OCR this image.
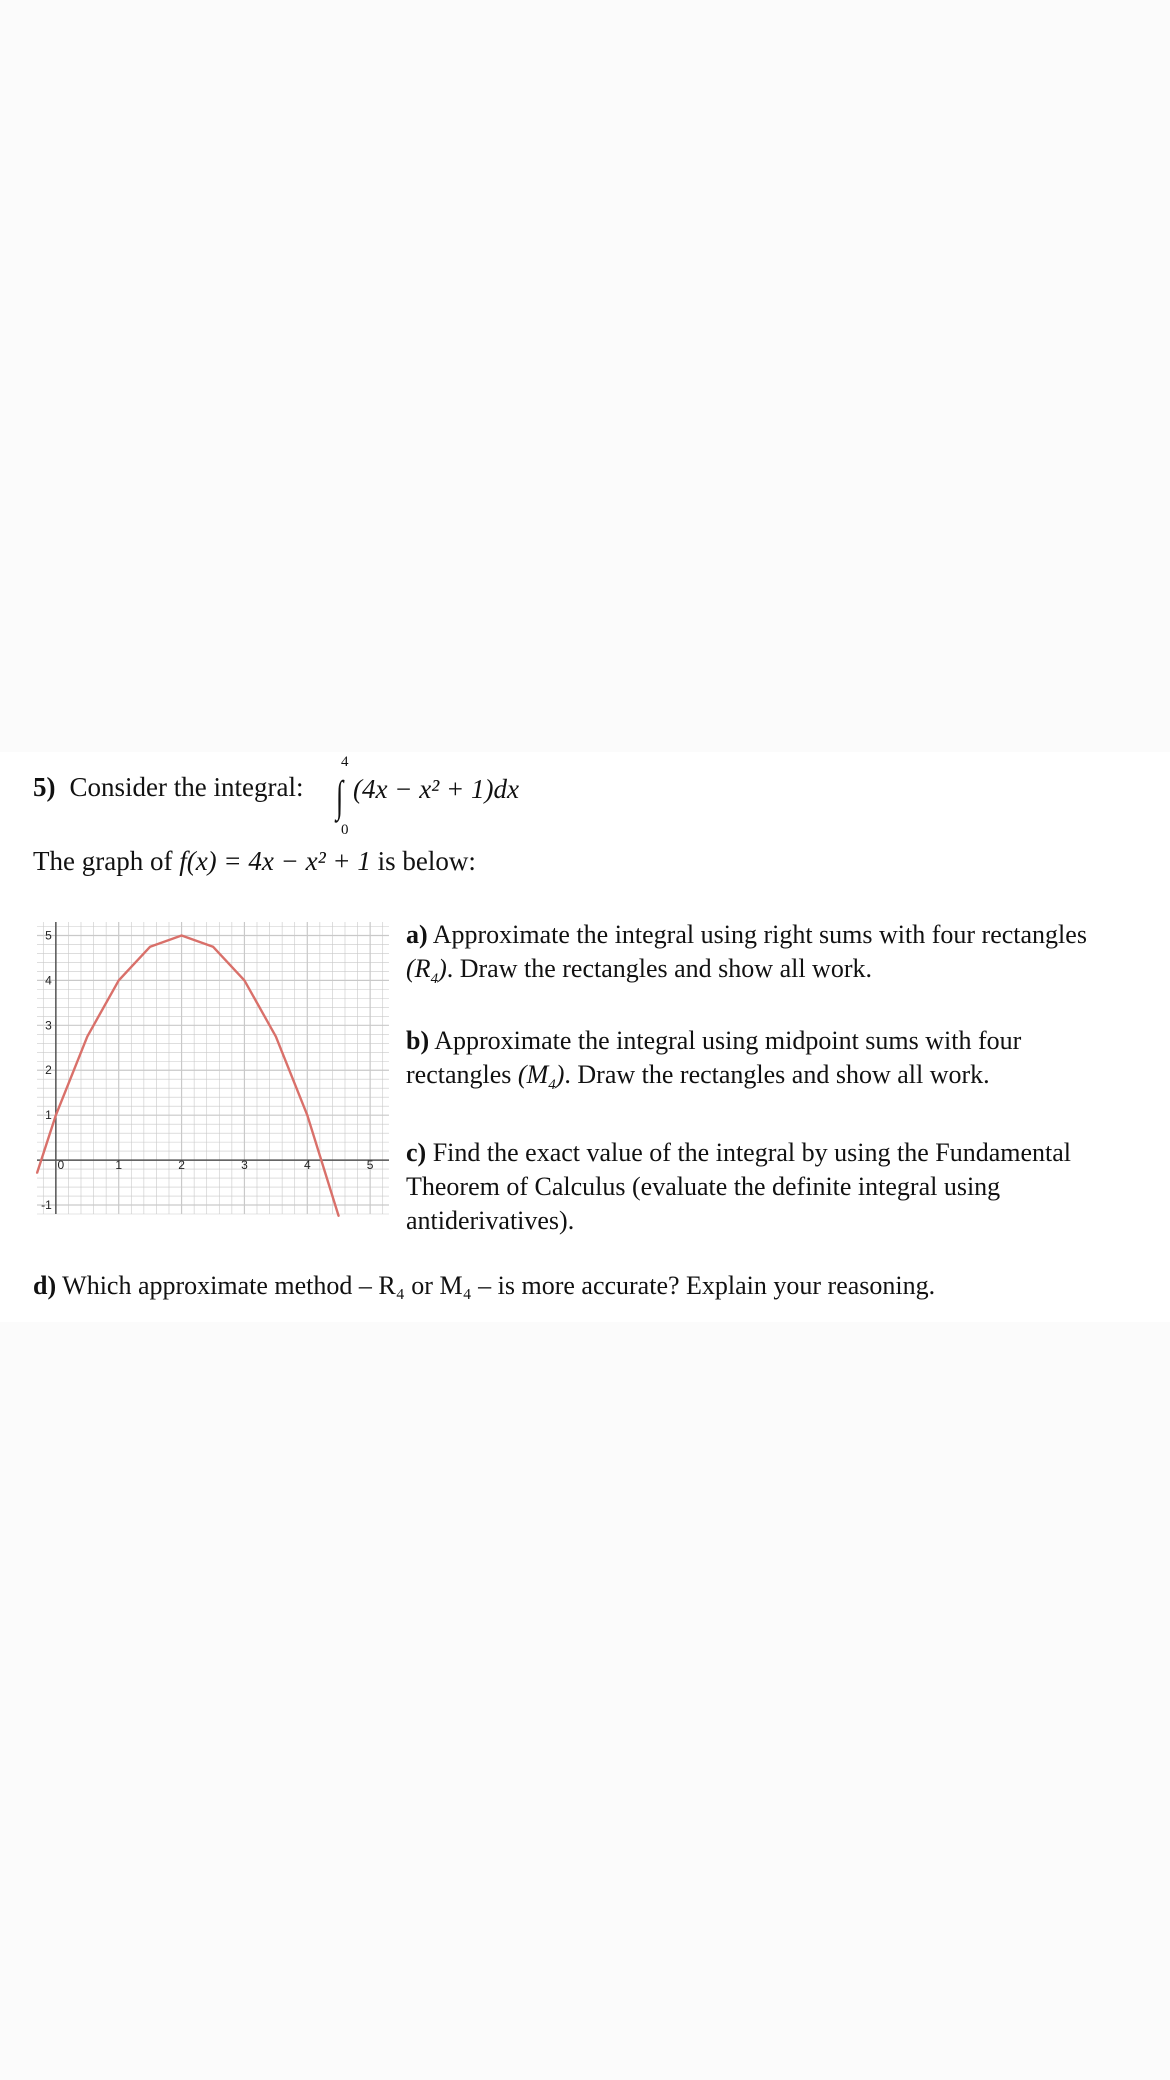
5) Consider the integral:
4
∫ (4x − x² + 1)dx
0
The graph of f(x) = 4x − x² + 1 is below:
0	1	2	3	4	5
-1
1
2
3
4
5	a) Approximate the integral using right sums with four rectangles $(R_4)$. Draw the rectangles and show all work.
b) Approximate the integral using midpoint sums with four rectangles $(M_4)$. Draw the rectangles and show all work.
c) Find the exact value of the integral by using the Fundamental Theorem of Calculus (evaluate the definite integral using antiderivatives).
d) Which approximate method – R₄ or M₄ – is more accurate? Explain your reasoning.
